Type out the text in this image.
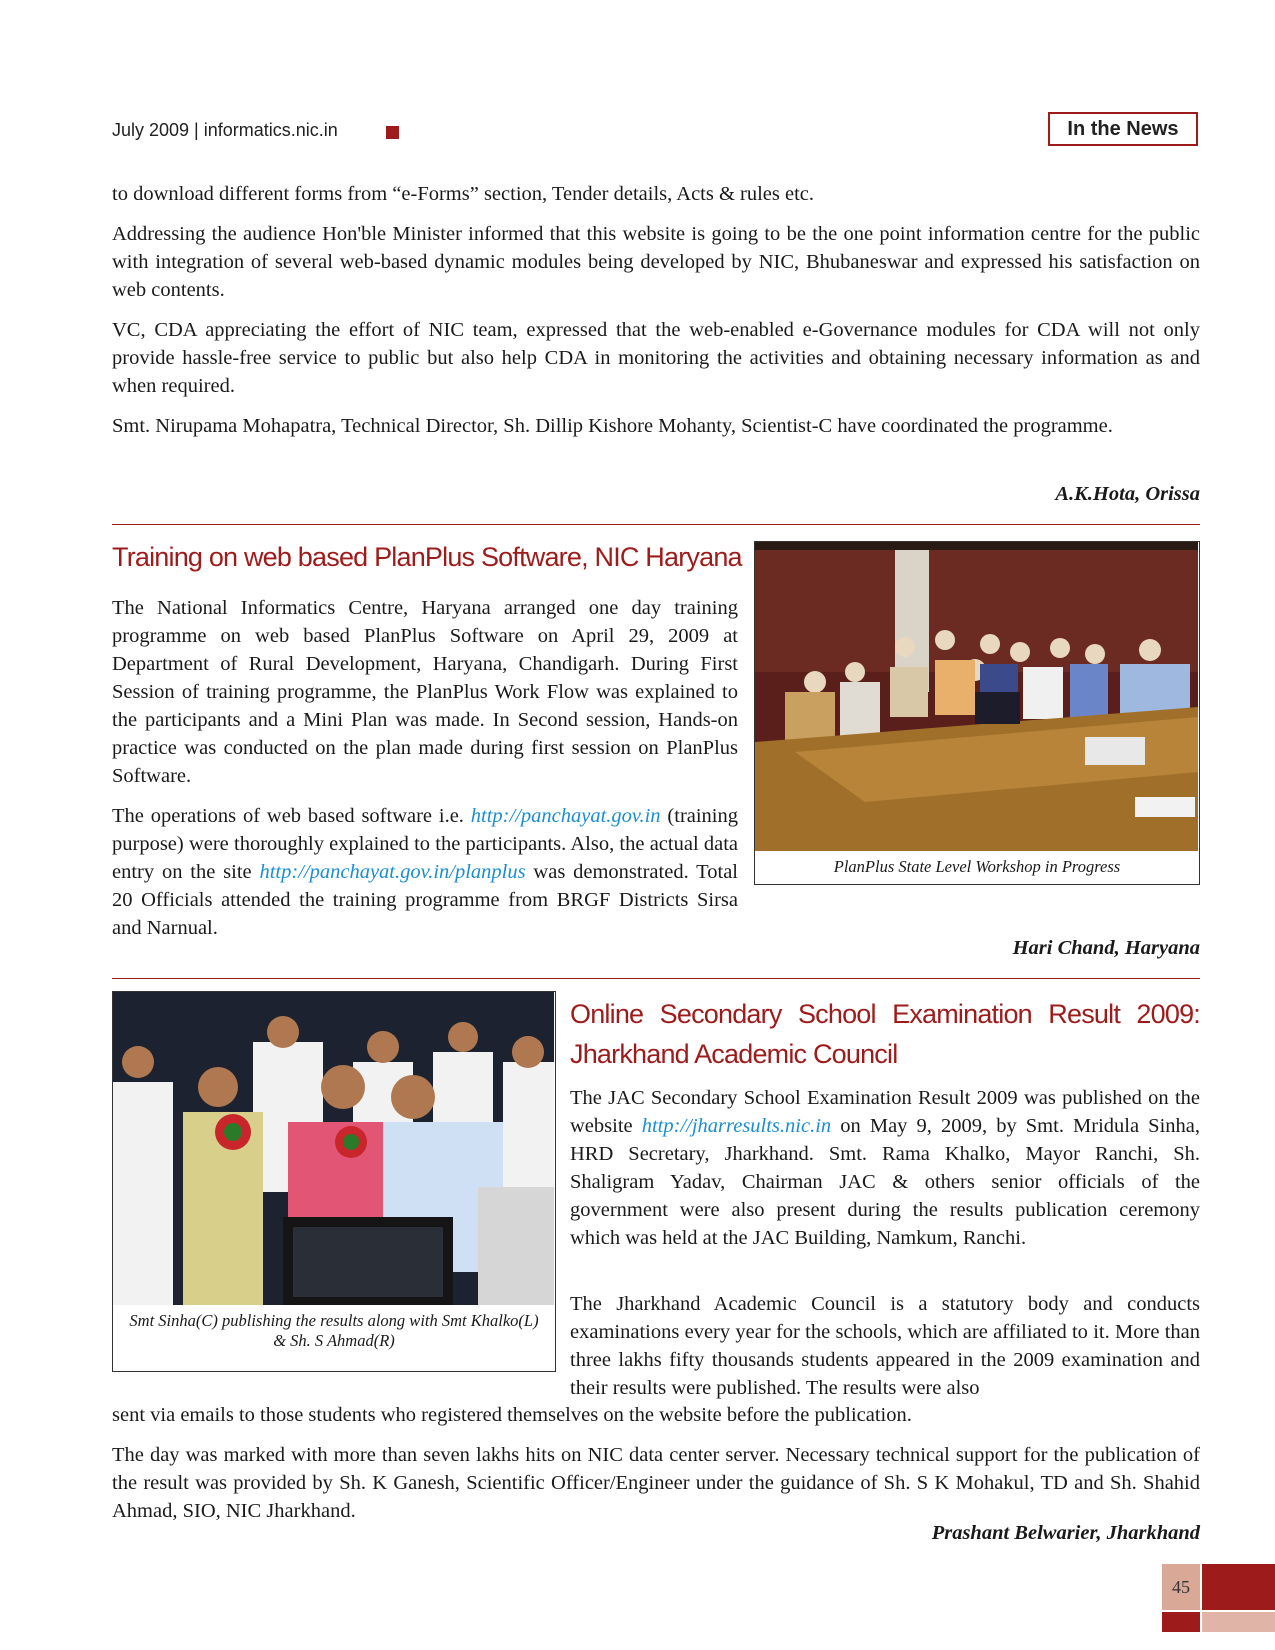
July 2009 | informatics.nic.in	In the News

to download different forms from “e-Forms” section, Tender details, Acts & rules etc.

Addressing the audience Hon'ble Minister informed that this website is going to be the one point information centre for the public with integration of several web-based dynamic modules being developed by NIC, Bhubaneswar and expressed his satisfaction on web contents.

VC, CDA appreciating the effort of NIC team, expressed that the web-enabled e-Governance modules for CDA will not only provide hassle-free service to public but also help CDA in monitoring the activities and obtaining necessary information as and when required.

Smt. Nirupama Mohapatra, Technical Director, Sh. Dillip Kishore Mohanty, Scientist-C have coordinated the programme.

A.K.Hota, Orissa
Training on web based PlanPlus Software, NIC Haryana

The National Informatics Centre, Haryana arranged one day training programme on web based PlanPlus Software on April 29, 2009 at Department of Rural Development, Haryana, Chandigarh. During First Session of training programme, the PlanPlus Work Flow was explained to the participants and a Mini Plan was made. In Second session, Hands-on practice was conducted on the plan made during first session on PlanPlus Software.

The operations of web based software i.e. http://panchayat.gov.in (training purpose) were thoroughly explained to the participants. Also, the actual data entry on the site http://panchayat.gov.in/planplus was demonstrated. Total 20 Officials attended the training programme from BRGF Districts Sirsa and Narnual.

PlanPlus State Level Workshop in Progress
Hari Chand, Haryana
Smt Sinha(C) publishing the results along with Smt Khalko(L) & Sh. S Ahmad(R)
Online Secondary School Examination Result 2009: Jharkhand Academic Council

The JAC Secondary School Examination Result 2009 was published on the website http://jharresults.nic.in on May 9, 2009, by Smt. Mridula Sinha, HRD Secretary, Jharkhand. Smt. Rama Khalko, Mayor Ranchi, Sh. Shaligram Yadav, Chairman JAC & others senior officials of the government were also present during the results publication ceremony which was held at the JAC Building, Namkum, Ranchi.

The Jharkhand Academic Council is a statutory body and conducts examinations every year for the schools, which are affiliated to it. More than three lakhs fifty thousands students appeared in the 2009 examination and their results were published. The results were also

sent via emails to those students who registered themselves on the website before the publication.

The day was marked with more than seven lakhs hits on NIC data center server. Necessary technical support for the publication of the result was provided by Sh. K Ganesh, Scientific Officer/Engineer under the guidance of Sh. S K Mohakul, TD and Sh. Shahid Ahmad, SIO, NIC Jharkhand.

Prashant Belwarier, Jharkhand
45
